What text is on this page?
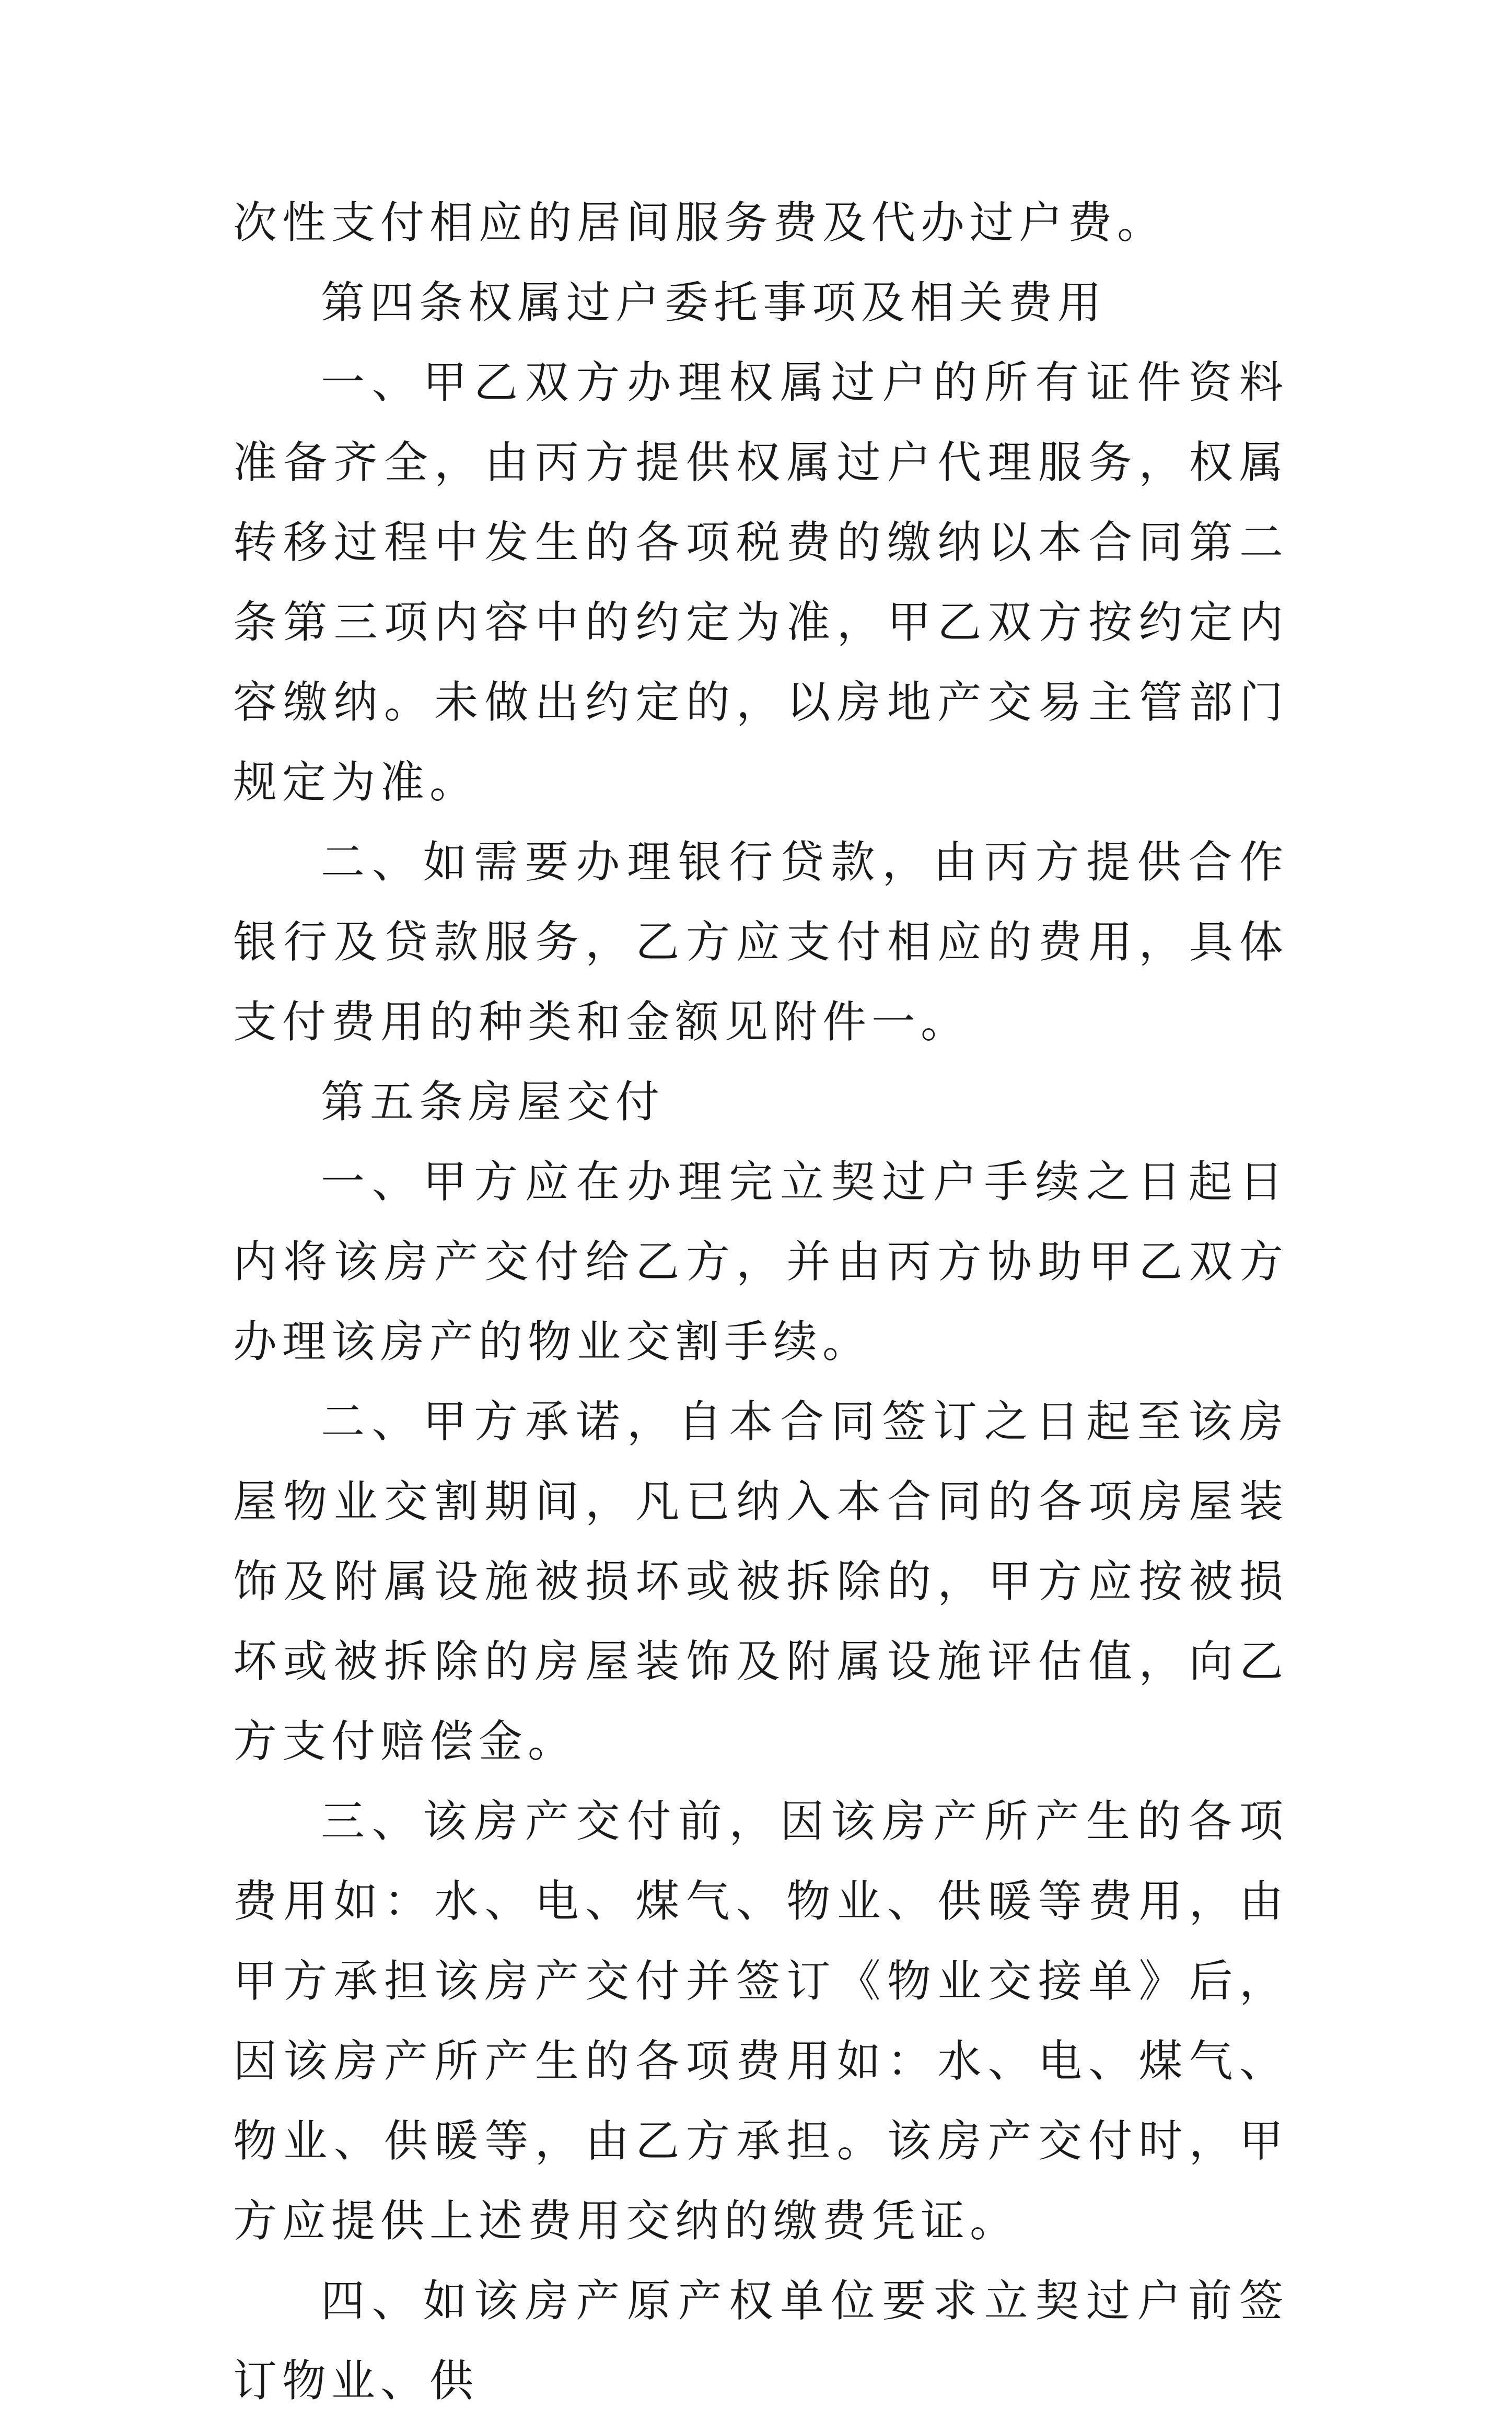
次性支付相应的居间服务费及代办过户费。

第四条权属过户委托事项及相关费用

一、甲乙双方办理权属过户的所有证件资料准备齐全，由丙方提供权属过户代理服务，权属转移过程中发生的各项税费的缴纳以本合同第二条第三项内容中的约定为准，甲乙双方按约定内容缴纳。未做出约定的，以房地产交易主管部门规定为准。

二、如需要办理银行贷款，由丙方提供合作银行及贷款服务，乙方应支付相应的费用，具体支付费用的种类和金额见附件一。

第五条房屋交付

一、甲方应在办理完立契过户手续之日起日内将该房产交付给乙方，并由丙方协助甲乙双方办理该房产的物业交割手续。

二、甲方承诺，自本合同签订之日起至该房屋物业交割期间，凡已纳入本合同的各项房屋装饰及附属设施被损坏或被拆除的，甲方应按被损坏或被拆除的房屋装饰及附属设施评估值，向乙方支付赔偿金。

三、该房产交付前，因该房产所产生的各项费用如：水、电、煤气、物业、供暖等费用，由甲方承担该房产交付并签订《物业交接单》后，因该房产所产生的各项费用如：水、电、煤气、物业、供暖等，由乙方承担。该房产交付时，甲方应提供上述费用交纳的缴费凭证。

四、如该房产原产权单位要求立契过户前签订物业、供
